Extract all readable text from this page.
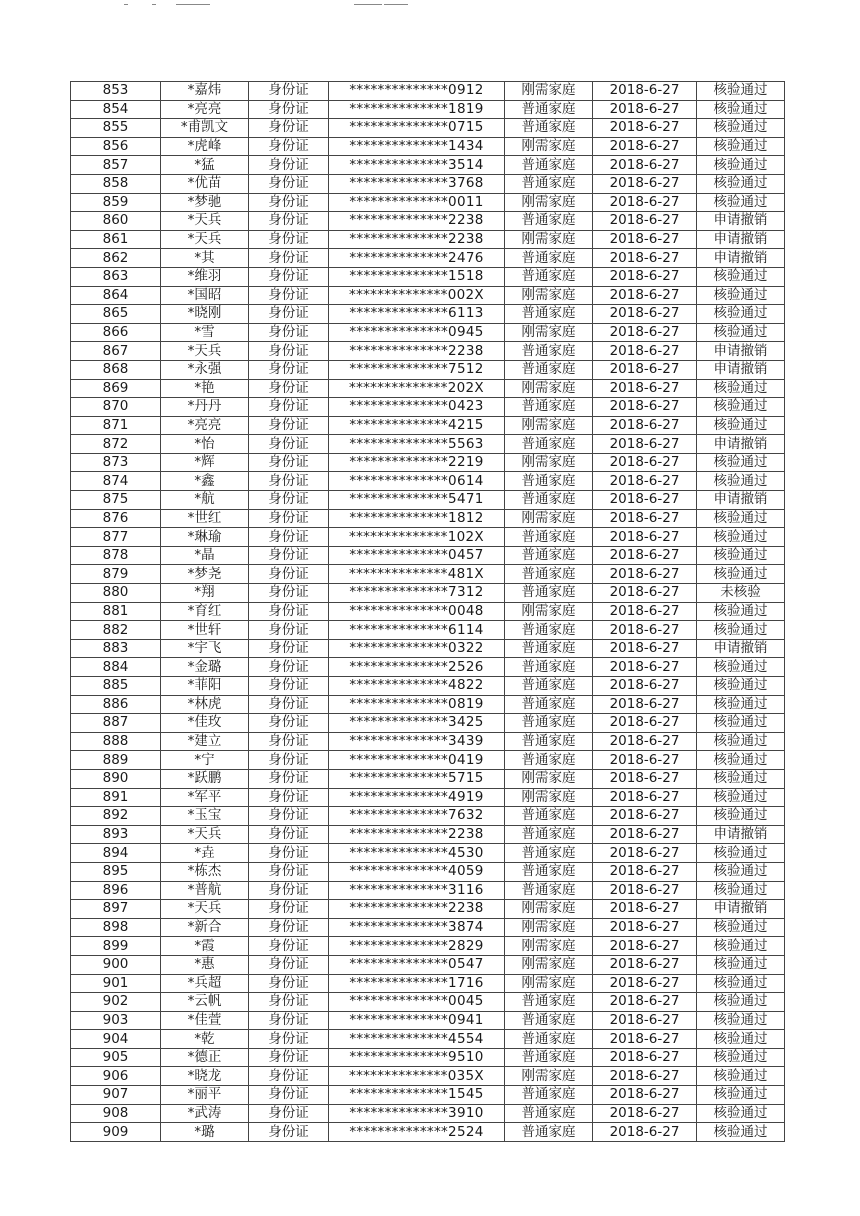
853	*嘉炜	身份证	**************0912	刚需家庭	2018-6-27	核验通过
854	*亮亮	身份证	**************1819	普通家庭	2018-6-27	核验通过
855	*甫凯文	身份证	**************0715	普通家庭	2018-6-27	核验通过
856	*虎峰	身份证	**************1434	刚需家庭	2018-6-27	核验通过
857	*猛	身份证	**************3514	普通家庭	2018-6-27	核验通过
858	*优苗	身份证	**************3768	普通家庭	2018-6-27	核验通过
859	*梦驰	身份证	**************0011	刚需家庭	2018-6-27	核验通过
860	*天兵	身份证	**************2238	普通家庭	2018-6-27	申请撤销
861	*天兵	身份证	**************2238	刚需家庭	2018-6-27	申请撤销
862	*其	身份证	**************2476	普通家庭	2018-6-27	申请撤销
863	*维羽	身份证	**************1518	普通家庭	2018-6-27	核验通过
864	*国昭	身份证	**************002X	刚需家庭	2018-6-27	核验通过
865	*晓刚	身份证	**************6113	普通家庭	2018-6-27	核验通过
866	*雪	身份证	**************0945	刚需家庭	2018-6-27	核验通过
867	*天兵	身份证	**************2238	普通家庭	2018-6-27	申请撤销
868	*永强	身份证	**************7512	普通家庭	2018-6-27	申请撤销
869	*艳	身份证	**************202X	刚需家庭	2018-6-27	核验通过
870	*丹丹	身份证	**************0423	普通家庭	2018-6-27	核验通过
871	*亮亮	身份证	**************4215	刚需家庭	2018-6-27	核验通过
872	*怡	身份证	**************5563	普通家庭	2018-6-27	申请撤销
873	*辉	身份证	**************2219	刚需家庭	2018-6-27	核验通过
874	*鑫	身份证	**************0614	普通家庭	2018-6-27	核验通过
875	*航	身份证	**************5471	普通家庭	2018-6-27	申请撤销
876	*世红	身份证	**************1812	刚需家庭	2018-6-27	核验通过
877	*琳瑜	身份证	**************102X	普通家庭	2018-6-27	核验通过
878	*晶	身份证	**************0457	普通家庭	2018-6-27	核验通过
879	*梦尧	身份证	**************481X	普通家庭	2018-6-27	核验通过
880	*翔	身份证	**************7312	普通家庭	2018-6-27	未核验
881	*育红	身份证	**************0048	刚需家庭	2018-6-27	核验通过
882	*世轩	身份证	**************6114	普通家庭	2018-6-27	核验通过
883	*宇飞	身份证	**************0322	普通家庭	2018-6-27	申请撤销
884	*金璐	身份证	**************2526	普通家庭	2018-6-27	核验通过
885	*菲阳	身份证	**************4822	普通家庭	2018-6-27	核验通过
886	*林虎	身份证	**************0819	普通家庭	2018-6-27	核验通过
887	*佳玫	身份证	**************3425	普通家庭	2018-6-27	核验通过
888	*建立	身份证	**************3439	普通家庭	2018-6-27	核验通过
889	*宁	身份证	**************0419	普通家庭	2018-6-27	核验通过
890	*跃鹏	身份证	**************5715	刚需家庭	2018-6-27	核验通过
891	*军平	身份证	**************4919	刚需家庭	2018-6-27	核验通过
892	*玉宝	身份证	**************7632	普通家庭	2018-6-27	核验通过
893	*天兵	身份证	**************2238	普通家庭	2018-6-27	申请撤销
894	*垚	身份证	**************4530	普通家庭	2018-6-27	核验通过
895	*栋杰	身份证	**************4059	普通家庭	2018-6-27	核验通过
896	*普航	身份证	**************3116	普通家庭	2018-6-27	核验通过
897	*天兵	身份证	**************2238	刚需家庭	2018-6-27	申请撤销
898	*新合	身份证	**************3874	刚需家庭	2018-6-27	核验通过
899	*霞	身份证	**************2829	刚需家庭	2018-6-27	核验通过
900	*惠	身份证	**************0547	刚需家庭	2018-6-27	核验通过
901	*兵超	身份证	**************1716	刚需家庭	2018-6-27	核验通过
902	*云帆	身份证	**************0045	普通家庭	2018-6-27	核验通过
903	*佳萱	身份证	**************0941	普通家庭	2018-6-27	核验通过
904	*乾	身份证	**************4554	普通家庭	2018-6-27	核验通过
905	*德正	身份证	**************9510	普通家庭	2018-6-27	核验通过
906	*晓龙	身份证	**************035X	刚需家庭	2018-6-27	核验通过
907	*丽平	身份证	**************1545	普通家庭	2018-6-27	核验通过
908	*武涛	身份证	**************3910	普通家庭	2018-6-27	核验通过
909	*璐	身份证	**************2524	普通家庭	2018-6-27	核验通过
